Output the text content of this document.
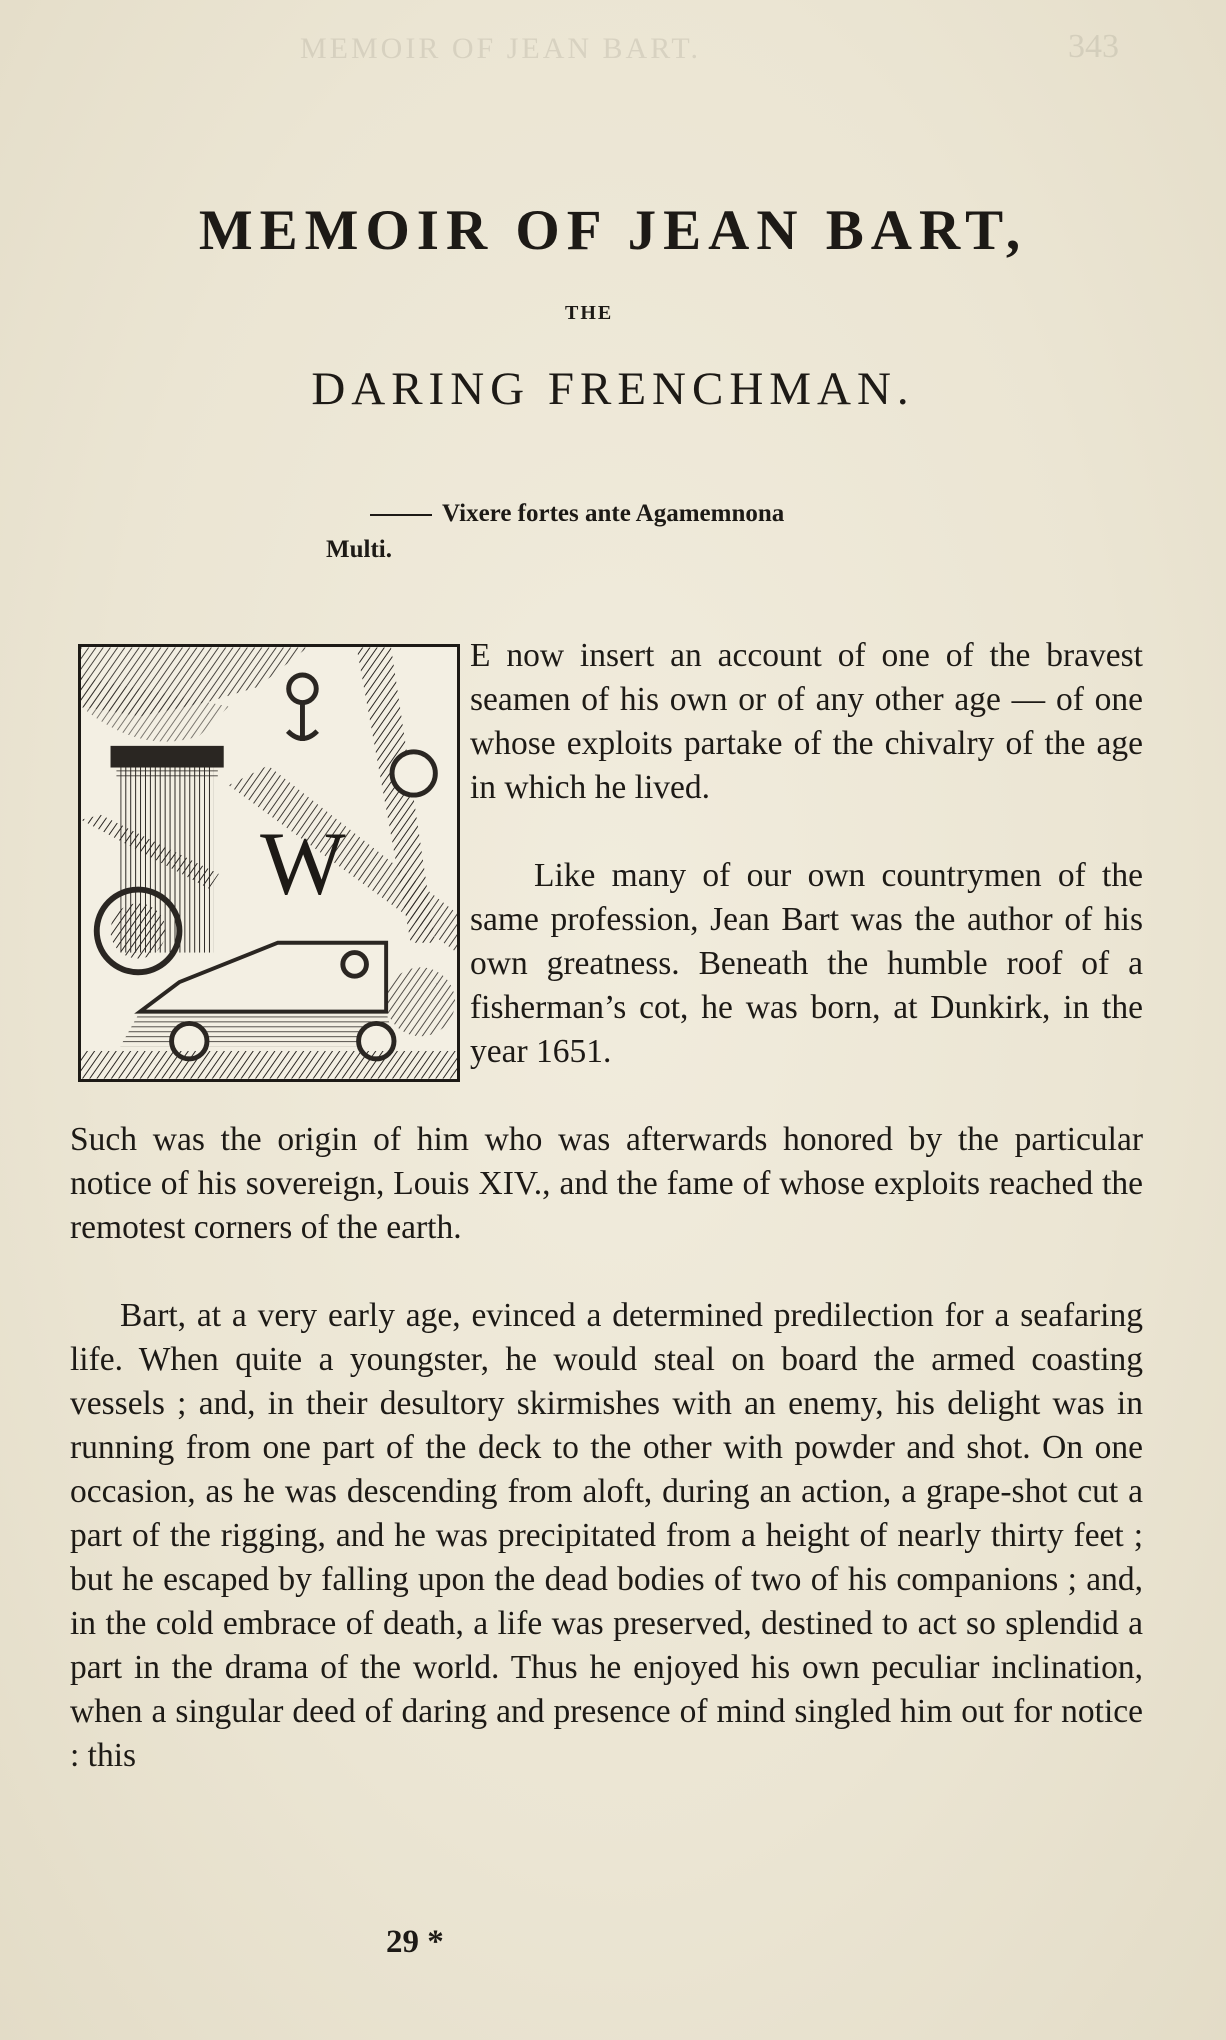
MEMOIR OF JEAN BART.	343
MEMOIR OF JEAN BART,
THE
DARING FRENCHMAN.
Vixere fortes ante Agamemnona
Multi.
W

E now insert an account of one of the bravest seamen of his own or of any other age — of one whose exploits partake of the chivalry of the age in which he lived.

Like many of our own countrymen of the same profession, Jean Bart was the author of his own greatness. Beneath the humble roof of a fisherman’s cot, he was born, at Dunkirk, in the year 1651.

Such was the origin of him who was afterwards honored by the particular notice of his sovereign, Louis XIV., and the fame of whose exploits reached the remotest corners of the earth.

Bart, at a very early age, evinced a determined predilection for a seafaring life. When quite a youngster, he would steal on board the armed coasting vessels ; and, in their desultory skirmishes with an enemy, his delight was in running from one part of the deck to the other with powder and shot. On one occasion, as he was descending from aloft, during an action, a grape-shot cut a part of the rigging, and he was precipitated from a height of nearly thirty feet ; but he escaped by falling upon the dead bodies of two of his companions ; and, in the cold embrace of death, a life was preserved, destined to act so splendid a part in the drama of the world. Thus he enjoyed his own peculiar inclination, when a singular deed of daring and presence of mind singled him out for notice : this

29 *
